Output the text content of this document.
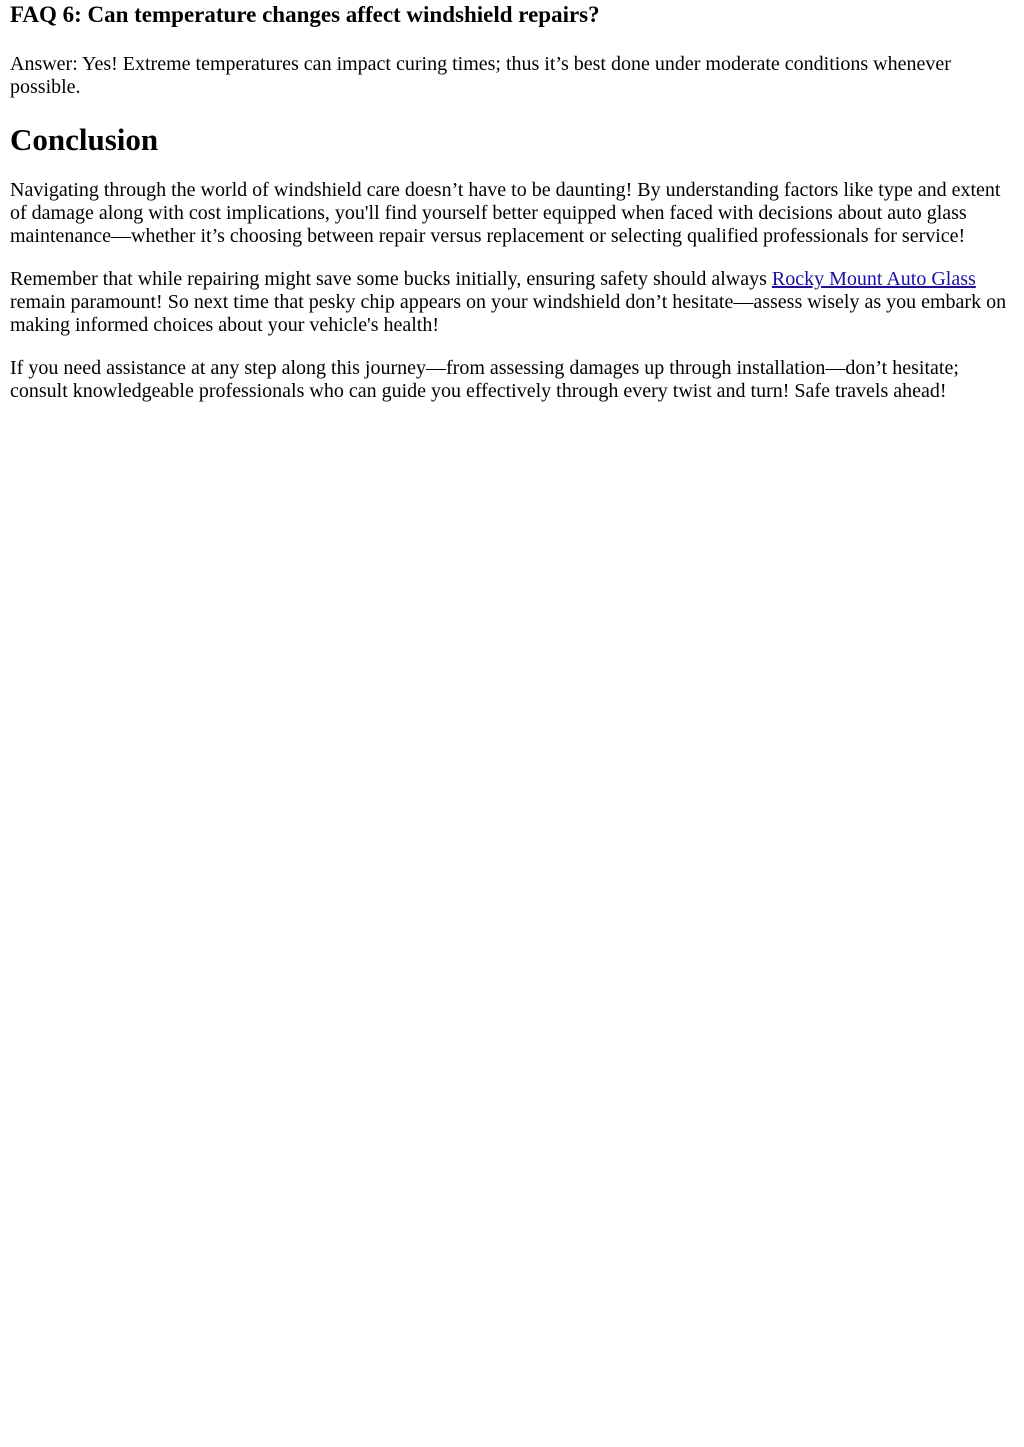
FAQ 6: Can temperature changes affect windshield repairs?

Answer: Yes! Extreme temperatures can impact curing times; thus it’s best done under moderate conditions whenever possible.

Conclusion

Navigating through the world of windshield care doesn’t have to be daunting! By understanding factors like type and extent of damage along with cost implications, you'll find yourself better equipped when faced with decisions about auto glass maintenance—whether it’s choosing between repair versus replacement or selecting qualified professionals for service!

Remember that while repairing might save some bucks initially, ensuring safety should always Rocky Mount Auto Glass remain paramount! So next time that pesky chip appears on your windshield don’t hesitate—assess wisely as you embark on making informed choices about your vehicle's health!

If you need assistance at any step along this journey—from assessing damages up through installation—don’t hesitate; consult knowledgeable professionals who can guide you effectively through every twist and turn! Safe travels ahead!
